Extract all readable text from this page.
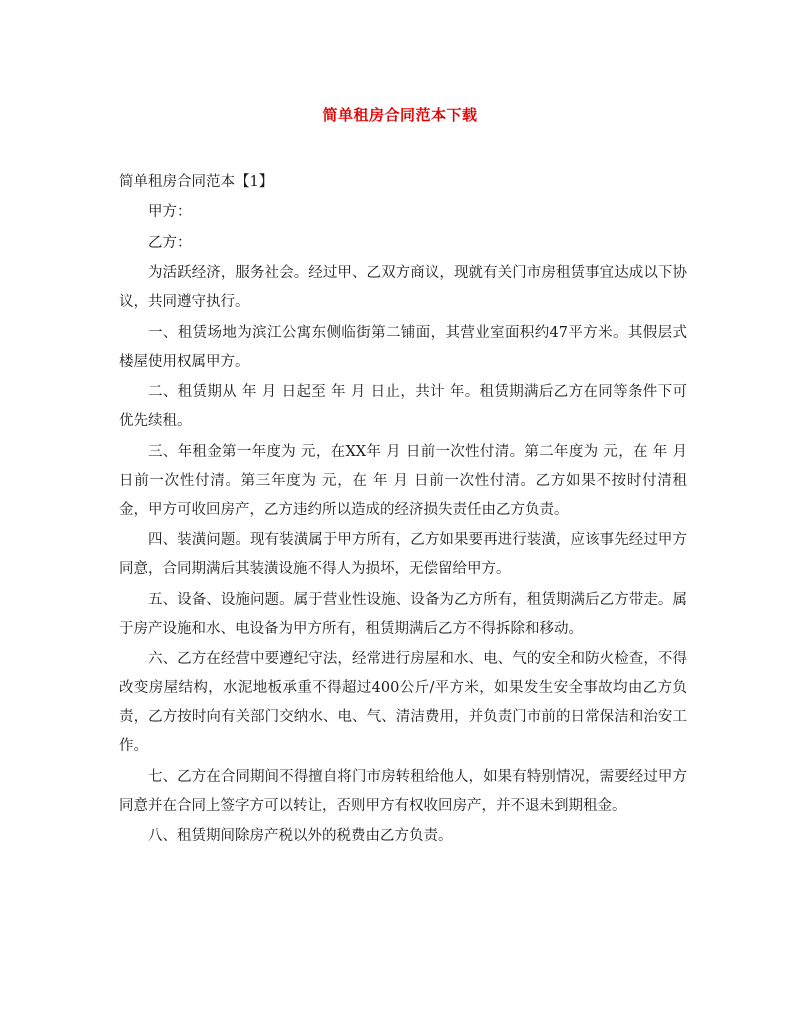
简单租房合同范本下载

简单租房合同范本【1】

甲方：

乙方：

为活跃经济，服务社会。经过甲、乙双方商议，现就有关门市房租赁事宜达成以下协议，共同遵守执行。

一、租赁场地为滨江公寓东侧临街第二铺面，其营业室面积约47平方米。其假层式楼屋使用权属甲方。

二、租赁期从 年 月 日起至 年 月 日止，共计 年。租赁期满后乙方在同等条件下可优先续租。

三、年租金第一年度为 元，在XX年 月 日前一次性付清。第二年度为 元，在 年 月 日前一次性付清。第三年度为 元，在 年 月 日前一次性付清。乙方如果不按时付清租金，甲方可收回房产，乙方违约所以造成的经济损失责任由乙方负责。

四、装潢问题。现有装潢属于甲方所有，乙方如果要再进行装潢，应该事先经过甲方同意，合同期满后其装潢设施不得人为损坏，无偿留给甲方。

五、设备、设施问题。属于营业性设施、设备为乙方所有，租赁期满后乙方带走。属于房产设施和水、电设备为甲方所有，租赁期满后乙方不得拆除和移动。

六、乙方在经营中要遵纪守法，经常进行房屋和水、电、气的安全和防火检查，不得改变房屋结构，水泥地板承重不得超过400公斤/平方米，如果发生安全事故均由乙方负责，乙方按时向有关部门交纳水、电、气、清洁费用，并负责门市前的日常保洁和治安工作。

七、乙方在合同期间不得擅自将门市房转租给他人，如果有特别情况，需要经过甲方同意并在合同上签字方可以转让，否则甲方有权收回房产，并不退未到期租金。

八、租赁期间除房产税以外的税费由乙方负责。
